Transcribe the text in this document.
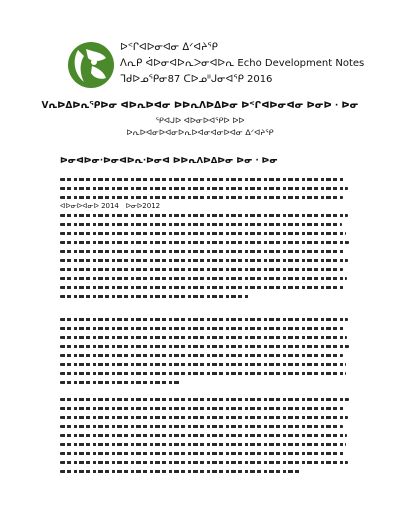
ᐅᑉᒋᐊᐅᓂᐊᓂ ᐃᐟᐊᔨᕿ
ᐱᕆᑭ ᐋᐅᓂᐊᐅᕆᐳᓂᐊᐅᕆ Echo Development Notes
ᒣᑯᐅᓄᕿᓂ87 ᑕᐅᓄᐦᒍᓂᐊᕿ 2016
ᐯᕆᐅᐃᐅᕆᕿᐅᓂ ᐊᐅᕆᐅᐊᓂ ᐅᐅᕆᐱᐅᐃᐅᓂ ᐅᑉᒋᐊᐅᓂᐊᓂ ᐅᓂᐅ · ᐅᓂ
ᕿᐊᒍᐅ ᐊᐅᓂᐅᐊᕿᐅ ᐅᐅ
ᐅᕆᐅᐊᓂᐅᐊᓂᐅᕆᐅᐊᓂᐊᓂᐅᐊᓂ ᐃᐟᐊᔨᕿ
ᐅᓂᐊᐅᓂ·ᐅᓂᐊᐅᕆ·ᐅᓂᐊ ᐅᐅᕆᐱᐅᐃᐅᓂ ᐅᓂ · ᐅᓂ
ᐊᐅᓂᐅᐊᓂᐅ 2014 ᐅᓂᐅ2012
